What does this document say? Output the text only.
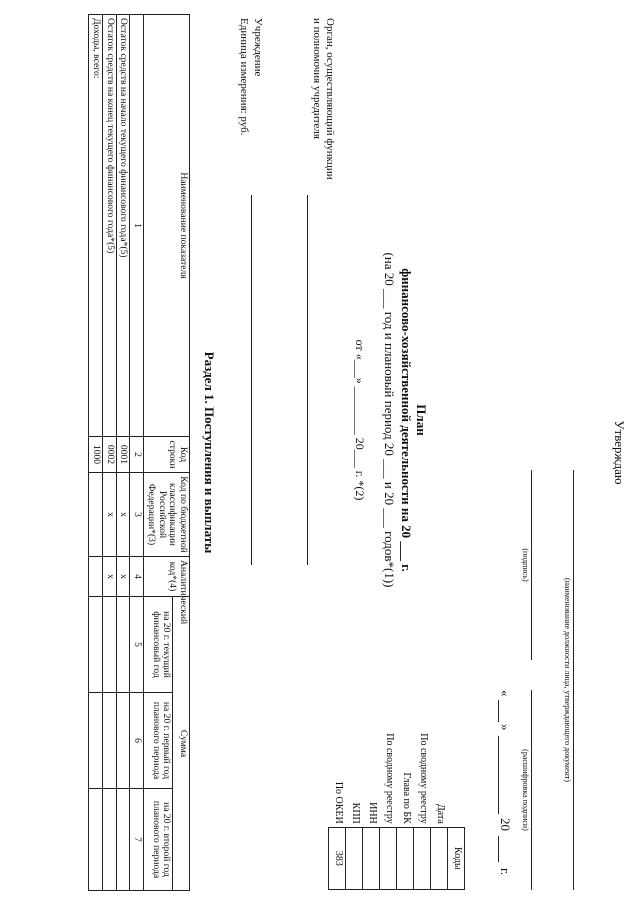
Утверждаю
(наименование должности лица, утверждающего документ)
(подпись)
(расшифровка подписи)
«
»
20
г.
План
финансово-хозяйственной деятельности на 20 ___ г.
(на 20 ___ год и плановый период 20 ___ и 20 ___ годов*(1))
от «___» ________ 20___ г. *(2)
	Коды
Дата	
По сводному реестру	
Глава по БК	
По сводному реестру	
ИНН	
КПП	
По ОКЕИ	383
Орган, осуществляющий функции и полномочия учредителя
Учреждение
Единица измерения: руб.
Раздел 1. Поступления и выплаты
Наименование показателя	Код строки	Код по бюджетной классификации Российской Федерации*(3)	Аналитический код*(4)	Сумма		
				на 20 г. текущий финансовый год	на 20 г. первый год планового периода	на 20 г. второй год планового периода
1	2	3	4	5	6	7
Остаток средств на начало текущего финансового года*(5)	0001	x	x			
Остаток средств на конец текущего финансового года*(5)	0002	x	x			
Доходы, всего:	1000					
